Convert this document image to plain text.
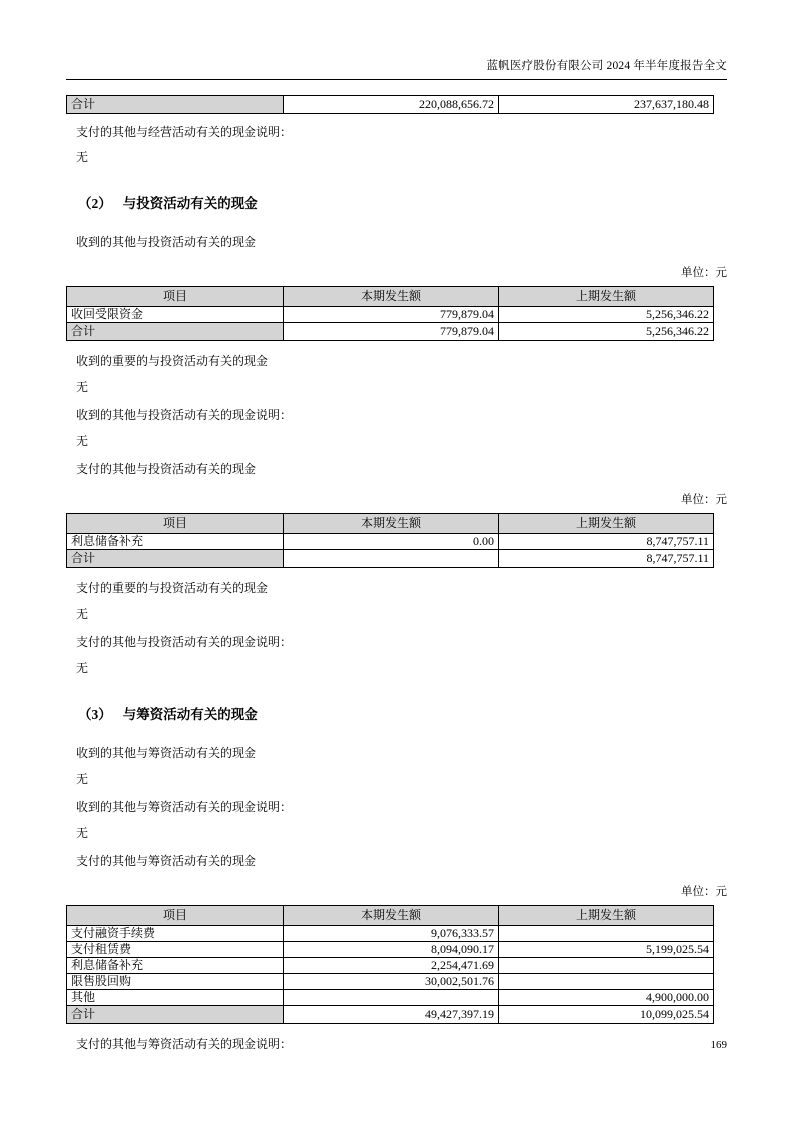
蓝帆医疗股份有限公司 2024 年半年度报告全文
合计	220,088,656.72	237,637,180.48

支付的其他与经营活动有关的现金说明：

无

（2） 与投资活动有关的现金

收到的其他与投资活动有关的现金

单位：元

项目	本期发生额	上期发生额
收回受限资金	779,879.04	5,256,346.22
合计	779,879.04	5,256,346.22

收到的重要的与投资活动有关的现金

无

收到的其他与投资活动有关的现金说明：

无

支付的其他与投资活动有关的现金

单位：元

项目	本期发生额	上期发生额
利息储备补充	0.00	8,747,757.11
合计		8,747,757.11

支付的重要的与投资活动有关的现金

无

支付的其他与投资活动有关的现金说明：

无

（3） 与筹资活动有关的现金

收到的其他与筹资活动有关的现金

无

收到的其他与筹资活动有关的现金说明：

无

支付的其他与筹资活动有关的现金

单位：元

项目	本期发生额	上期发生额
支付融资手续费	9,076,333.57	
支付租赁费	8,094,090.17	5,199,025.54
利息储备补充	2,254,471.69	
限售股回购	30,002,501.76	
其他		4,900,000.00
合计	49,427,397.19	10,099,025.54

支付的其他与筹资活动有关的现金说明：	169
